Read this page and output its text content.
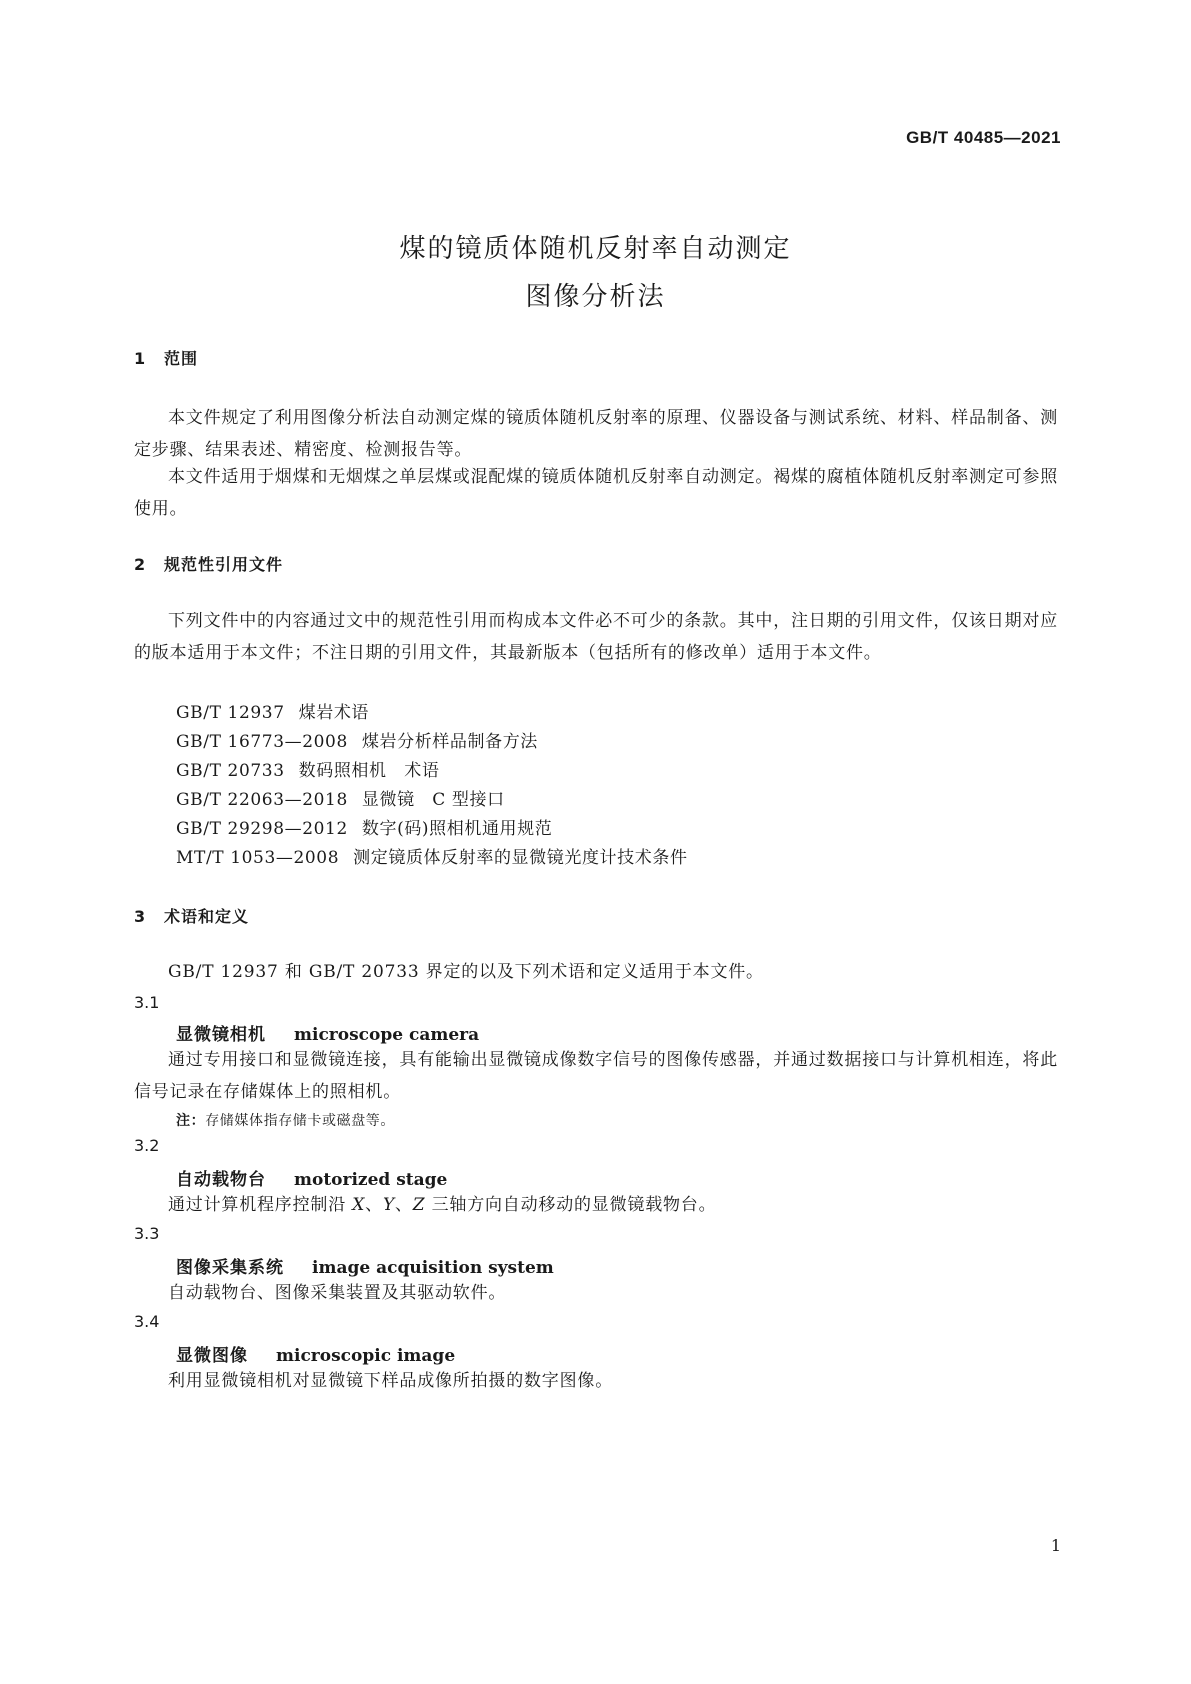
GB/T 40485—2021
煤的镜质体随机反射率自动测定
图像分析法
1 范围
本文件规定了利用图像分析法自动测定煤的镜质体随机反射率的原理、仪器设备与测试系统、材料、样品制备、测定步骤、结果表述、精密度、检测报告等。
本文件适用于烟煤和无烟煤之单层煤或混配煤的镜质体随机反射率自动测定。褐煤的腐植体随机反射率测定可参照使用。
2 规范性引用文件
下列文件中的内容通过文中的规范性引用而构成本文件必不可少的条款。其中，注日期的引用文件，仅该日期对应的版本适用于本文件；不注日期的引用文件，其最新版本（包括所有的修改单）适用于本文件。
GB/T 12937 煤岩术语
GB/T 16773—2008 煤岩分析样品制备方法
GB/T 20733 数码照相机　术语
GB/T 22063—2018 显微镜　C 型接口
GB/T 29298—2012 数字(码)照相机通用规范
MT/T 1053—2008 测定镜质体反射率的显微镜光度计技术条件
3 术语和定义
GB/T 12937 和 GB/T 20733 界定的以及下列术语和定义适用于本文件。
3.1
显微镜相机 microscope camera
通过专用接口和显微镜连接，具有能输出显微镜成像数字信号的图像传感器，并通过数据接口与计算机相连，将此信号记录在存储媒体上的照相机。
注：存储媒体指存储卡或磁盘等。
3.2
自动载物台 motorized stage
通过计算机程序控制沿 X、Y、Z 三轴方向自动移动的显微镜载物台。
3.3
图像采集系统 image acquisition system
自动载物台、图像采集装置及其驱动软件。
3.4
显微图像 microscopic image
利用显微镜相机对显微镜下样品成像所拍摄的数字图像。
1
